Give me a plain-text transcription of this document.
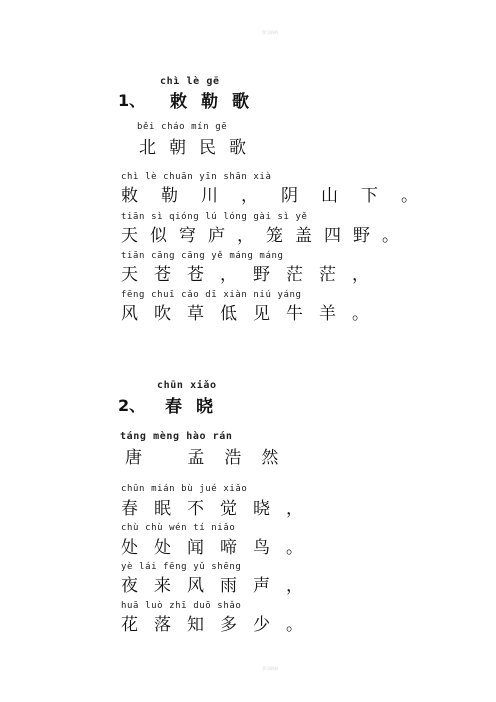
学习资料
chì lè gē
1、 敕勒歌
běi cháo mín gē
北朝民歌
chì lè chuān yīn shān xià
敕勒川，阴山下。
tiān sì qióng lú lóng gài sì yě
天似穹庐，笼盖四野。
tiān cāng cāng yě máng máng
天苍苍，野茫茫，
fēng chuī cǎo dī xiàn niú yáng
风吹草低见牛羊。
chūn xiǎo
2、 春晓
táng mèng hào rán
唐 孟浩然
chūn mián bù jué xiǎo
春眠不觉晓，
chù chù wén tí niǎo
处处闻啼鸟。
yè lái fēng yǔ shēng
夜来风雨声，
huā luò zhī duō shǎo
花落知多少。
学习资料
